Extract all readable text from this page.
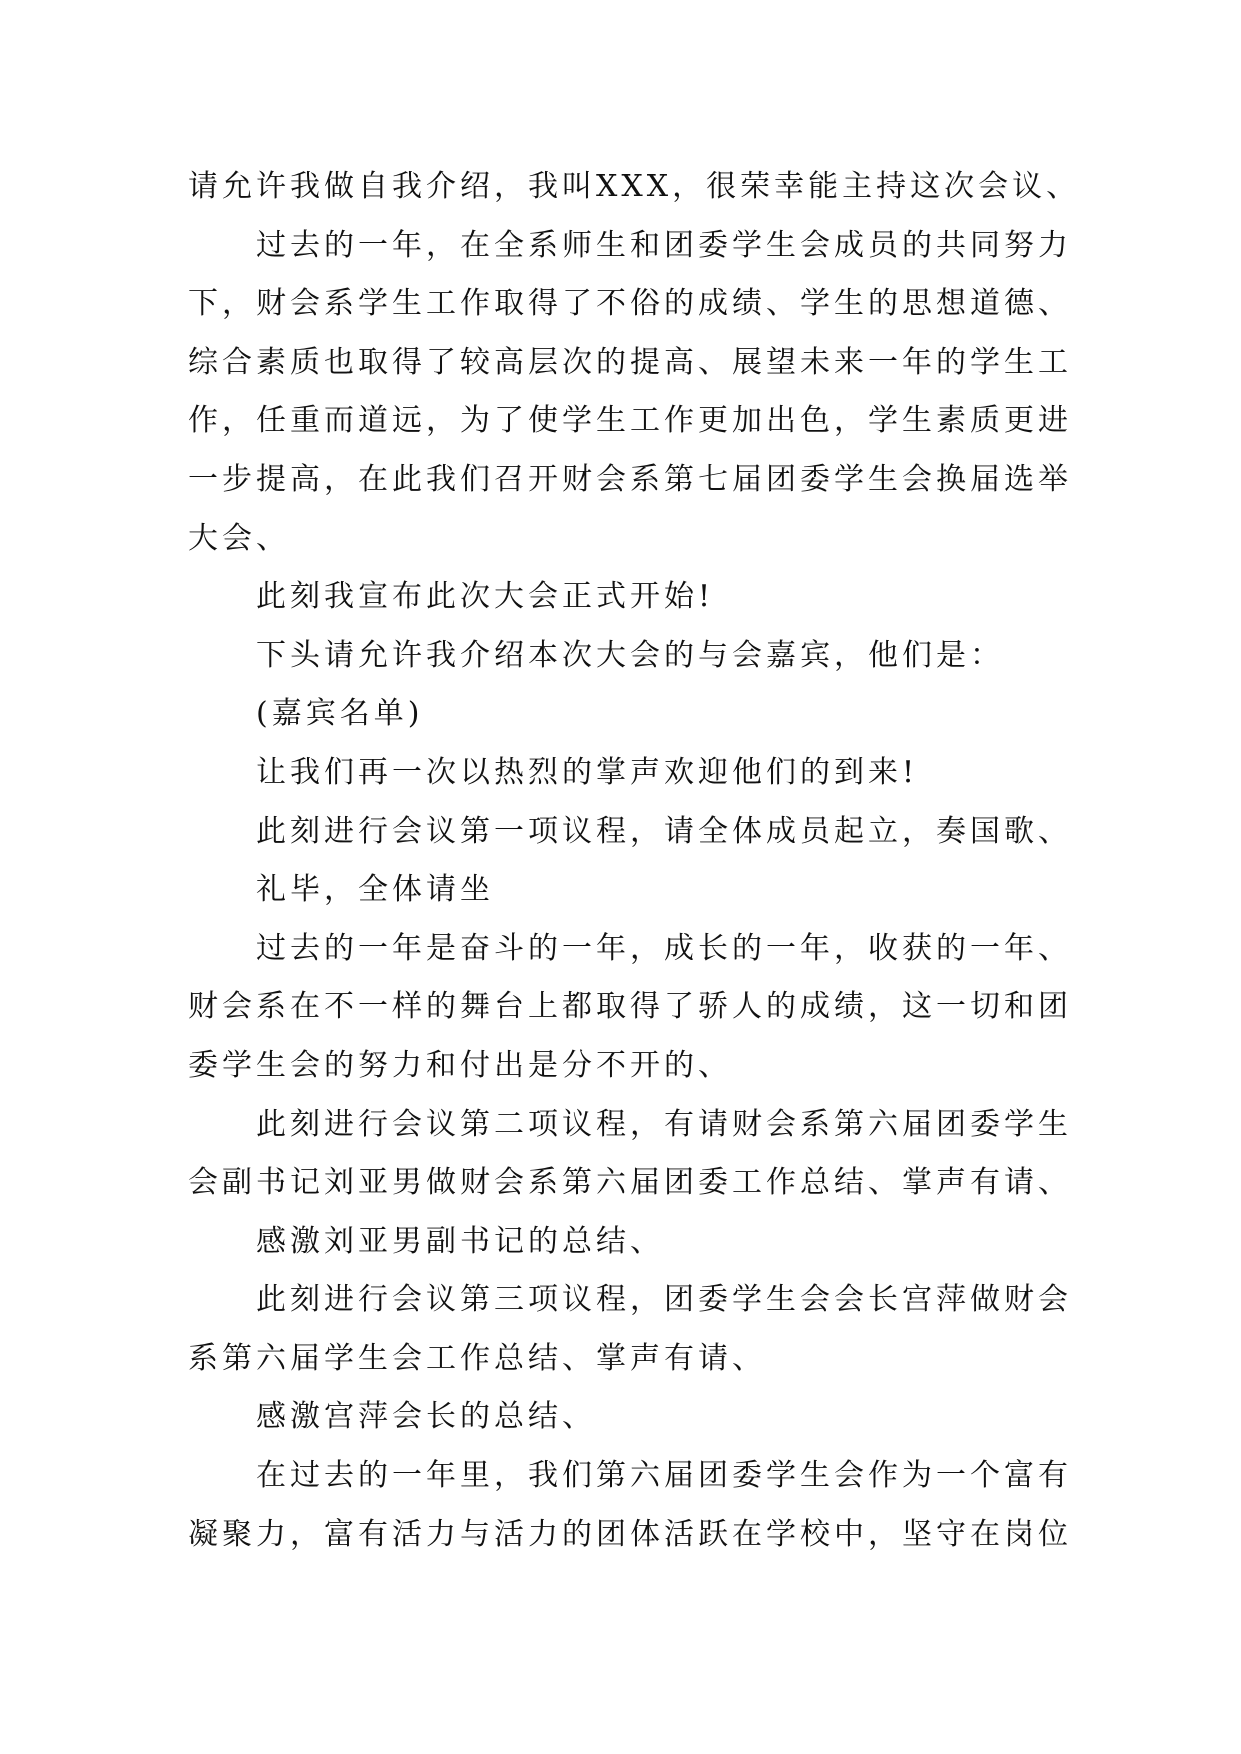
请允许我做自我介绍，我叫XXX，很荣幸能主持这次会议、
过去的一年，在全系师生和团委学生会成员的共同努力
下，财会系学生工作取得了不俗的成绩、学生的思想道德、
综合素质也取得了较高层次的提高、展望未来一年的学生工
作，任重而道远，为了使学生工作更加出色，学生素质更进
一步提高，在此我们召开财会系第七届团委学生会换届选举
大会、
此刻我宣布此次大会正式开始!
下头请允许我介绍本次大会的与会嘉宾，他们是：
(嘉宾名单)
让我们再一次以热烈的掌声欢迎他们的到来!
此刻进行会议第一项议程，请全体成员起立，奏国歌、
礼毕，全体请坐
过去的一年是奋斗的一年，成长的一年，收获的一年、
财会系在不一样的舞台上都取得了骄人的成绩，这一切和团
委学生会的努力和付出是分不开的、
此刻进行会议第二项议程，有请财会系第六届团委学生
会副书记刘亚男做财会系第六届团委工作总结、掌声有请、
感激刘亚男副书记的总结、
此刻进行会议第三项议程，团委学生会会长宫萍做财会
系第六届学生会工作总结、掌声有请、
感激宫萍会长的总结、
在过去的一年里，我们第六届团委学生会作为一个富有
凝聚力，富有活力与活力的团体活跃在学校中，坚守在岗位
